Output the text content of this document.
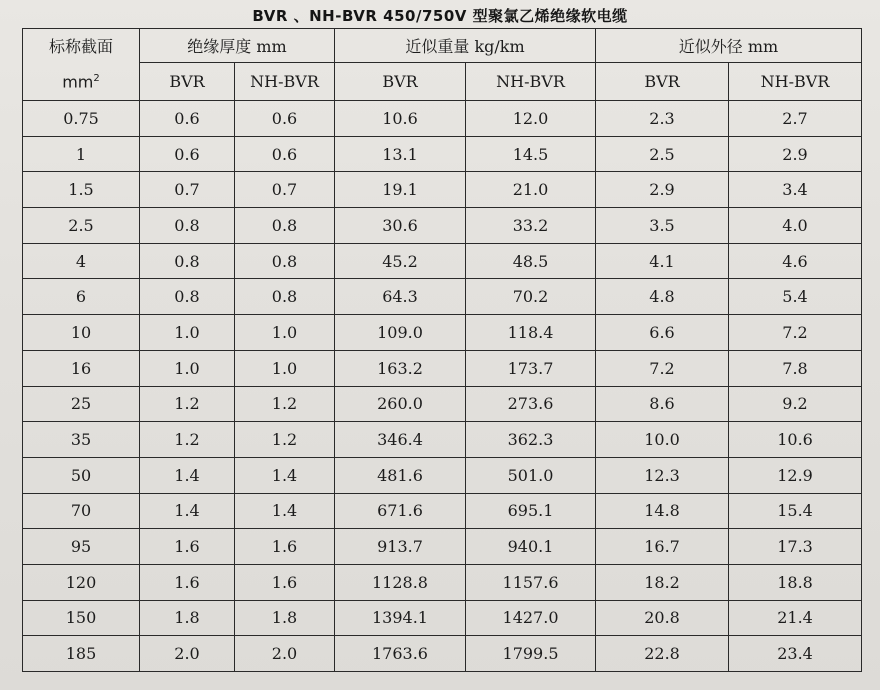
BVR 、NH-BVR 450/750V 型聚氯乙烯绝缘软电缆
标称截面
$mm^2$	绝缘厚度 mm		近似重量 kg/km		近似外径 mm	
	BVR	NH-BVR	BVR	NH-BVR	BVR	NH-BVR
0.75	0.6	0.6	10.6	12.0	2.3	2.7
1	0.6	0.6	13.1	14.5	2.5	2.9
1.5	0.7	0.7	19.1	21.0	2.9	3.4
2.5	0.8	0.8	30.6	33.2	3.5	4.0
4	0.8	0.8	45.2	48.5	4.1	4.6
6	0.8	0.8	64.3	70.2	4.8	5.4
10	1.0	1.0	109.0	118.4	6.6	7.2
16	1.0	1.0	163.2	173.7	7.2	7.8
25	1.2	1.2	260.0	273.6	8.6	9.2
35	1.2	1.2	346.4	362.3	10.0	10.6
50	1.4	1.4	481.6	501.0	12.3	12.9
70	1.4	1.4	671.6	695.1	14.8	15.4
95	1.6	1.6	913.7	940.1	16.7	17.3
120	1.6	1.6	1128.8	1157.6	18.2	18.8
150	1.8	1.8	1394.1	1427.0	20.8	21.4
185	2.0	2.0	1763.6	1799.5	22.8	23.4
